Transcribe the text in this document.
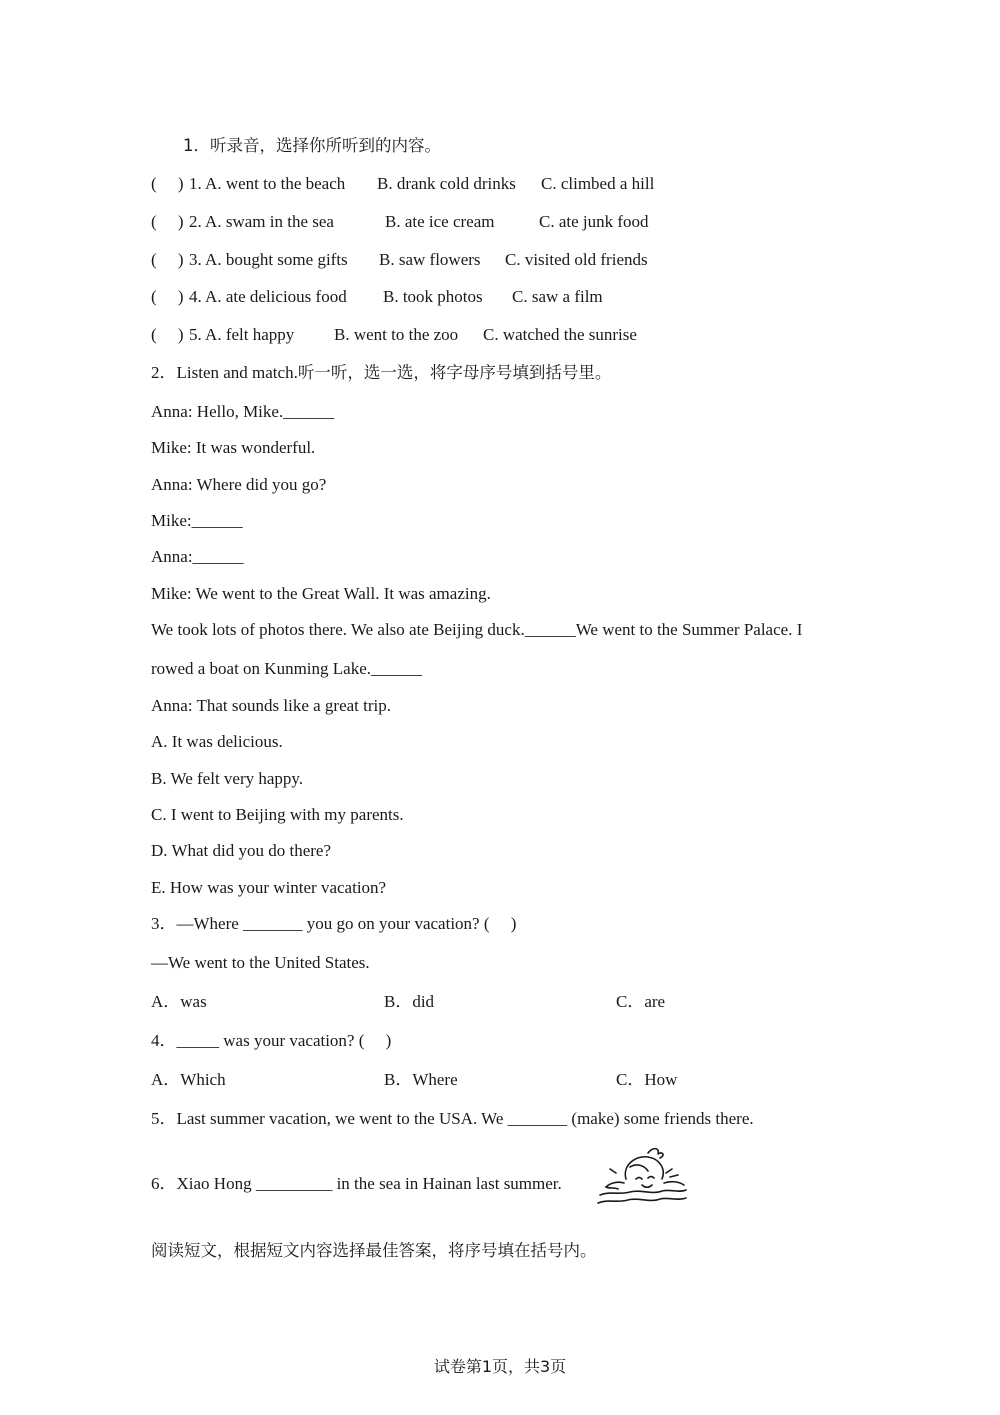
1．听录音，选择你所听到的内容。
(     ) 1. A. went to the beach B. drank cold drinks C. climbed a hill
(     ) 2. A. swam in the sea	B. ate ice cream	C. ate junk food
(     ) 3. A. bought some gifts B. saw flowers C. visited old friends
(     ) 4. A. ate delicious food B. took photos C. saw a film
(     ) 5. A. felt happy B. went to the zoo C. watched the sunrise
2．Listen and match.听一听，选一选，将字母序号填到括号里。
Anna: Hello, Mike.______
Mike: It was wonderful.
Anna: Where did you go?
Mike:______
Anna:______
Mike: We went to the Great Wall. It was amazing.
We took lots of photos there. We also ate Beijing duck.______We went to the Summer Palace. I
rowed a boat on Kunming Lake.______
Anna: That sounds like a great trip.
A. It was delicious.
B. We felt very happy.
C. I went to Beijing with my parents.
D. What did you do there?
E. How was your winter vacation?
3．—Where _______ you go on your vacation? (     )
—We went to the United States.
A．was	B．did	C．are
4．_____ was your vacation? (     )
A．Which	B．Where	C．How
5．Last summer vacation, we went to the USA. We _______ (make) some friends there.
6．Xiao Hong _________ in the sea in Hainan last summer.
阅读短文，根据短文内容选择最佳答案，将序号填在括号内。
试卷第1页，共3页
